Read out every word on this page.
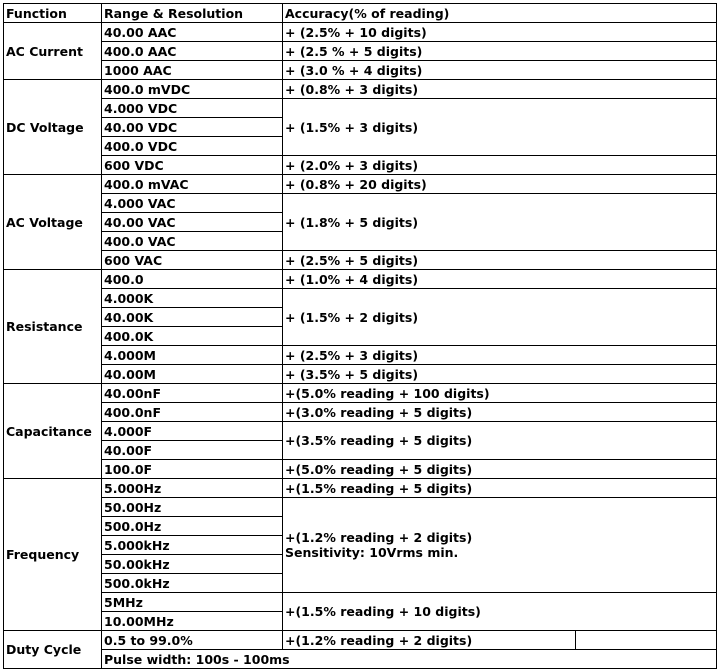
Function	Range & Resolution	Accuracy(% of reading)	
AC Current	40.00 AAC	+ (2.5% + 10 digits)	
	400.0 AAC	+ (2.5 % + 5 digits)	
	1000 AAC	+ (3.0 % + 4 digits)	
DC Voltage	400.0 mVDC	+ (0.8% + 3 digits)	
	4.000 VDC	+ (1.5% + 3 digits)	
	40.00 VDC		
	400.0 VDC		
	600 VDC	+ (2.0% + 3 digits)	
AC Voltage	400.0 mVAC	+ (0.8% + 20 digits)	
	4.000 VAC	+ (1.8% + 5 digits)	
	40.00 VAC		
	400.0 VAC		
	600 VAC	+ (2.5% + 5 digits)	
Resistance	400.0	+ (1.0% + 4 digits)	
	4.000K	+ (1.5% + 2 digits)	
	40.00K		
	400.0K		
	4.000M	+ (2.5% + 3 digits)	
	40.00M	+ (3.5% + 5 digits)	
Capacitance	40.00nF	+(5.0% reading + 100 digits)	
	400.0nF	+(3.0% reading + 5 digits)	
	4.000F	+(3.5% reading + 5 digits)	
	40.00F		
	100.0F	+(5.0% reading + 5 digits)	
Frequency	5.000Hz	+(1.5% reading + 5 digits)	
	50.00Hz	+(1.2% reading + 2 digits)
Sensitivity: 10Vrms min.	

	500.0Hz		
	5.000kHz		
	50.00kHz		
	500.0kHz		
	5MHz	+(1.5% reading + 10 digits)	
	10.00MHz		
Duty Cycle	0.5 to 99.0%	+(1.2% reading + 2 digits)	
	Pulse width: 100s - 100ms		
